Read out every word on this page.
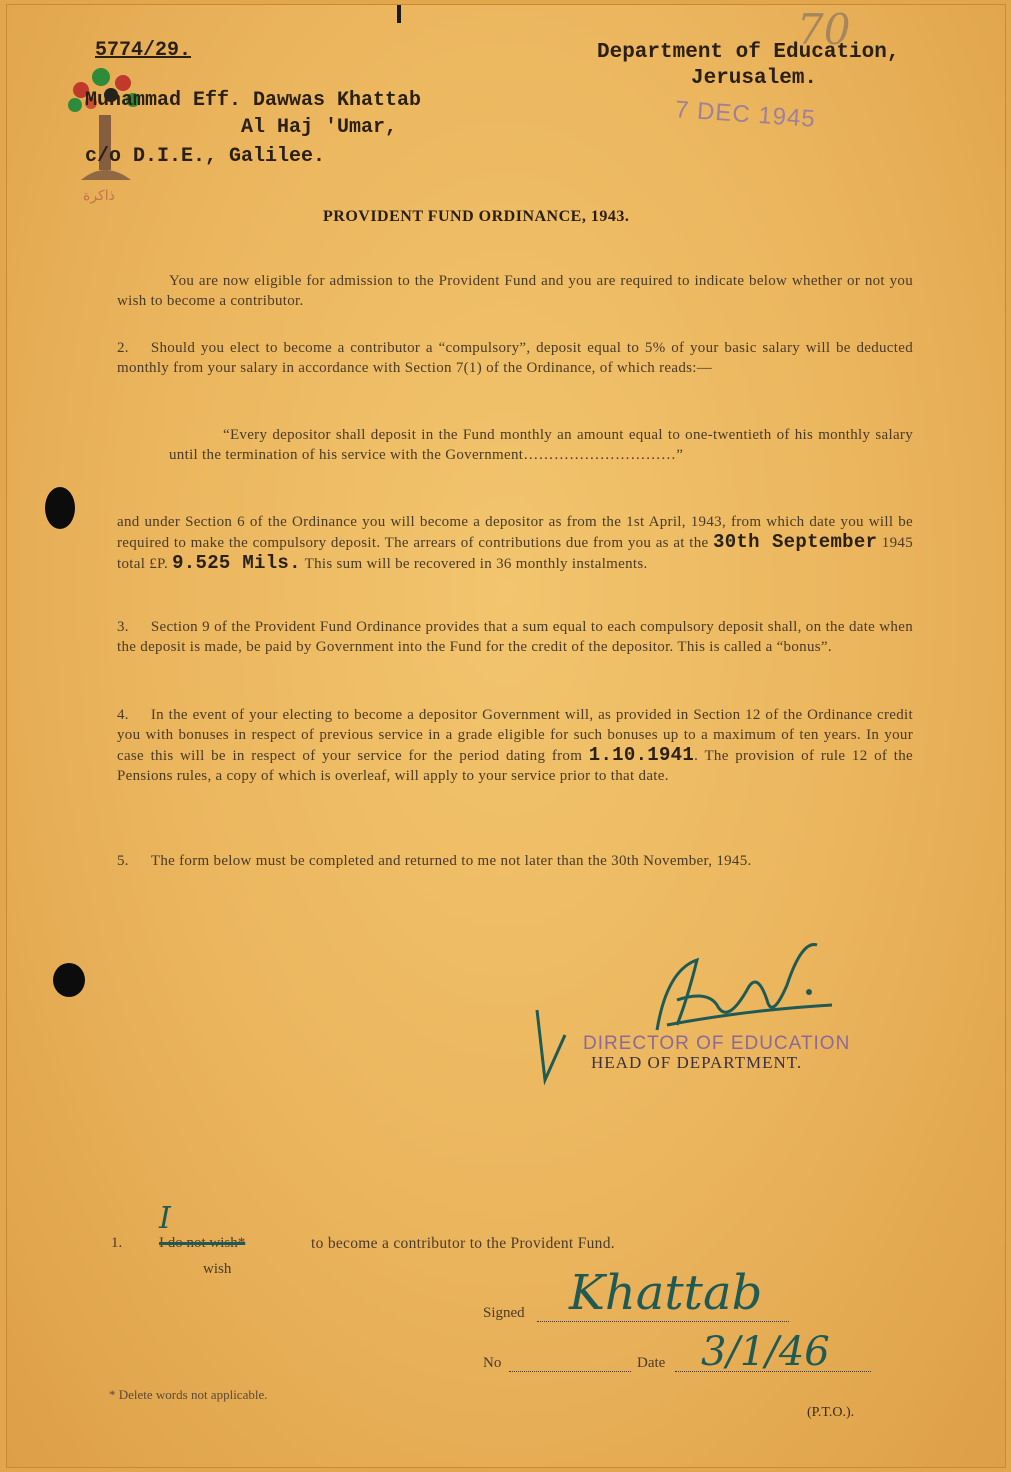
ذاكرة
5774/29.
Muhammad Eff. Dawwas Khattab
Al Haj 'Umar,
c/o D.I.E., Galilee.
Department of Education,
Jerusalem.
70
7 DEC 1945
PROVIDENT FUND ORDINANCE, 1943.
You are now eligible for admission to the Provident Fund and you are required to indicate below whether or not you wish to become a contributor.
2. Should you elect to become a contributor a “compulsory”, deposit equal to 5% of your basic salary will be deducted monthly from your salary in accordance with Section 7(1) of the Ordinance, of which reads:—
“Every depositor shall deposit in the Fund monthly an amount equal to one-twentieth of his monthly salary until the termination of his service with the Government…………………………”
and under Section 6 of the Ordinance you will become a depositor as from the 1st April, 1943, from which date you will be required to make the compulsory deposit. The arrears of contributions due from you as at the 30th September 1945 total £P. 9.525 Mils. This sum will be recovered in 36 monthly instalments.
3. Section 9 of the Provident Fund Ordinance provides that a sum equal to each compulsory deposit shall, on the date when the deposit is made, be paid by Government into the Fund for the credit of the depositor. This is called a “bonus”.
4. In the event of your electing to become a depositor Government will, as provided in Section 12 of the Ordinance credit you with bonuses in respect of previous service in a grade eligible for such bonuses up to a maximum of ten years. In your case this will be in respect of your service for the period dating from 1.10.1941. The provision of rule 12 of the Pensions rules, a copy of which is overleaf, will apply to your service prior to that date.
5. The form below must be completed and returned to me not later than the 30th November, 1945.
DIRECTOR OF EDUCATION
HEAD OF DEPARTMENT.
1.
I
I do not wish*	to become a contributor to the Provident Fund.
wish
Signed Khattab
No	Date 3/1/46
* Delete words not applicable.
(P.T.O.).
